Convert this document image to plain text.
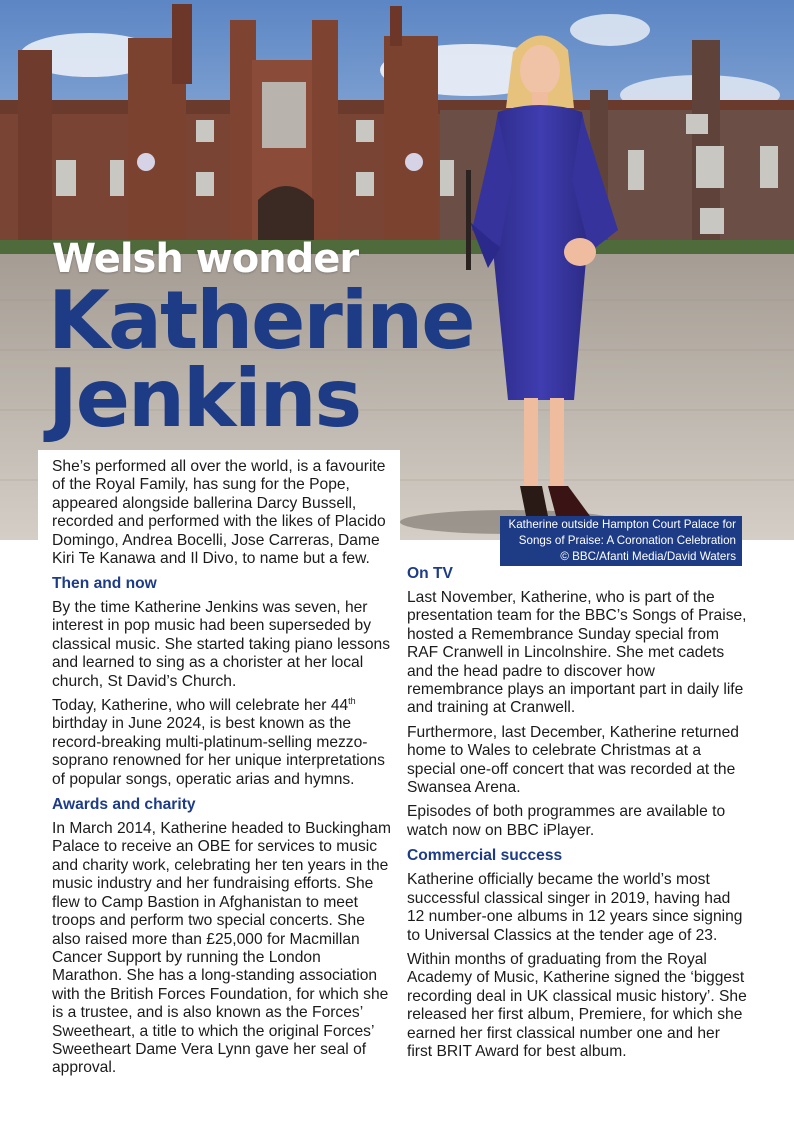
Welsh wonder
Katherine
Jenkins

She’s performed all over the world, is a favourite of the Royal Family, has sung for the Pope, appeared alongside ballerina Darcy Bussell, recorded and performed with the likes of Placido Domingo, Andrea Bocelli, Jose Carreras, Dame Kiri Te Kanawa and Il Divo, to name but a few.

Katherine outside Hampton Court Palace for
Songs of Praise: A Coronation Celebration
© BBC/Afanti Media/David Waters
Then and now

By the time Katherine Jenkins was seven, her interest in pop music had been superseded by classical music. She started taking piano lessons and learned to sing as a chorister at her local church, St David’s Church.

Today, Katherine, who will celebrate her 44th birthday in June 2024, is best known as the record-breaking multi-platinum-selling mezzo-soprano renowned for her unique interpretations of popular songs, operatic arias and hymns.

Awards and charity

In March 2014, Katherine headed to Buckingham Palace to receive an OBE for services to music and charity work, celebrating her ten years in the music industry and her fundraising efforts. She flew to Camp Bastion in Afghanistan to meet troops and perform two special concerts. She also raised more than £25,000 for Macmillan Cancer Support by running the London Marathon. She has a long-standing association with the British Forces Foundation, for which she is a trustee, and is also known as the Forces’ Sweetheart, a title to which the original Forces’ Sweetheart Dame Vera Lynn gave her seal of approval.

On TV

Last November, Katherine, who is part of the presentation team for the BBC’s Songs of Praise, hosted a Remembrance Sunday special from RAF Cranwell in Lincolnshire. She met cadets and the head padre to discover how remembrance plays an important part in daily life and training at Cranwell.

Furthermore, last December, Katherine returned home to Wales to celebrate Christmas at a special one-off concert that was recorded at the Swansea Arena.

Episodes of both programmes are available to watch now on BBC iPlayer.

Commercial success

Katherine officially became the world’s most successful classical singer in 2019, having had 12 number-one albums in 12 years since signing to Universal Classics at the tender age of 23.

Within months of graduating from the Royal Academy of Music, Katherine signed the ‘biggest recording deal in UK classical music history’. She released her first album, Premiere, for which she earned her first classical number one and her first BRIT Award for best album.
